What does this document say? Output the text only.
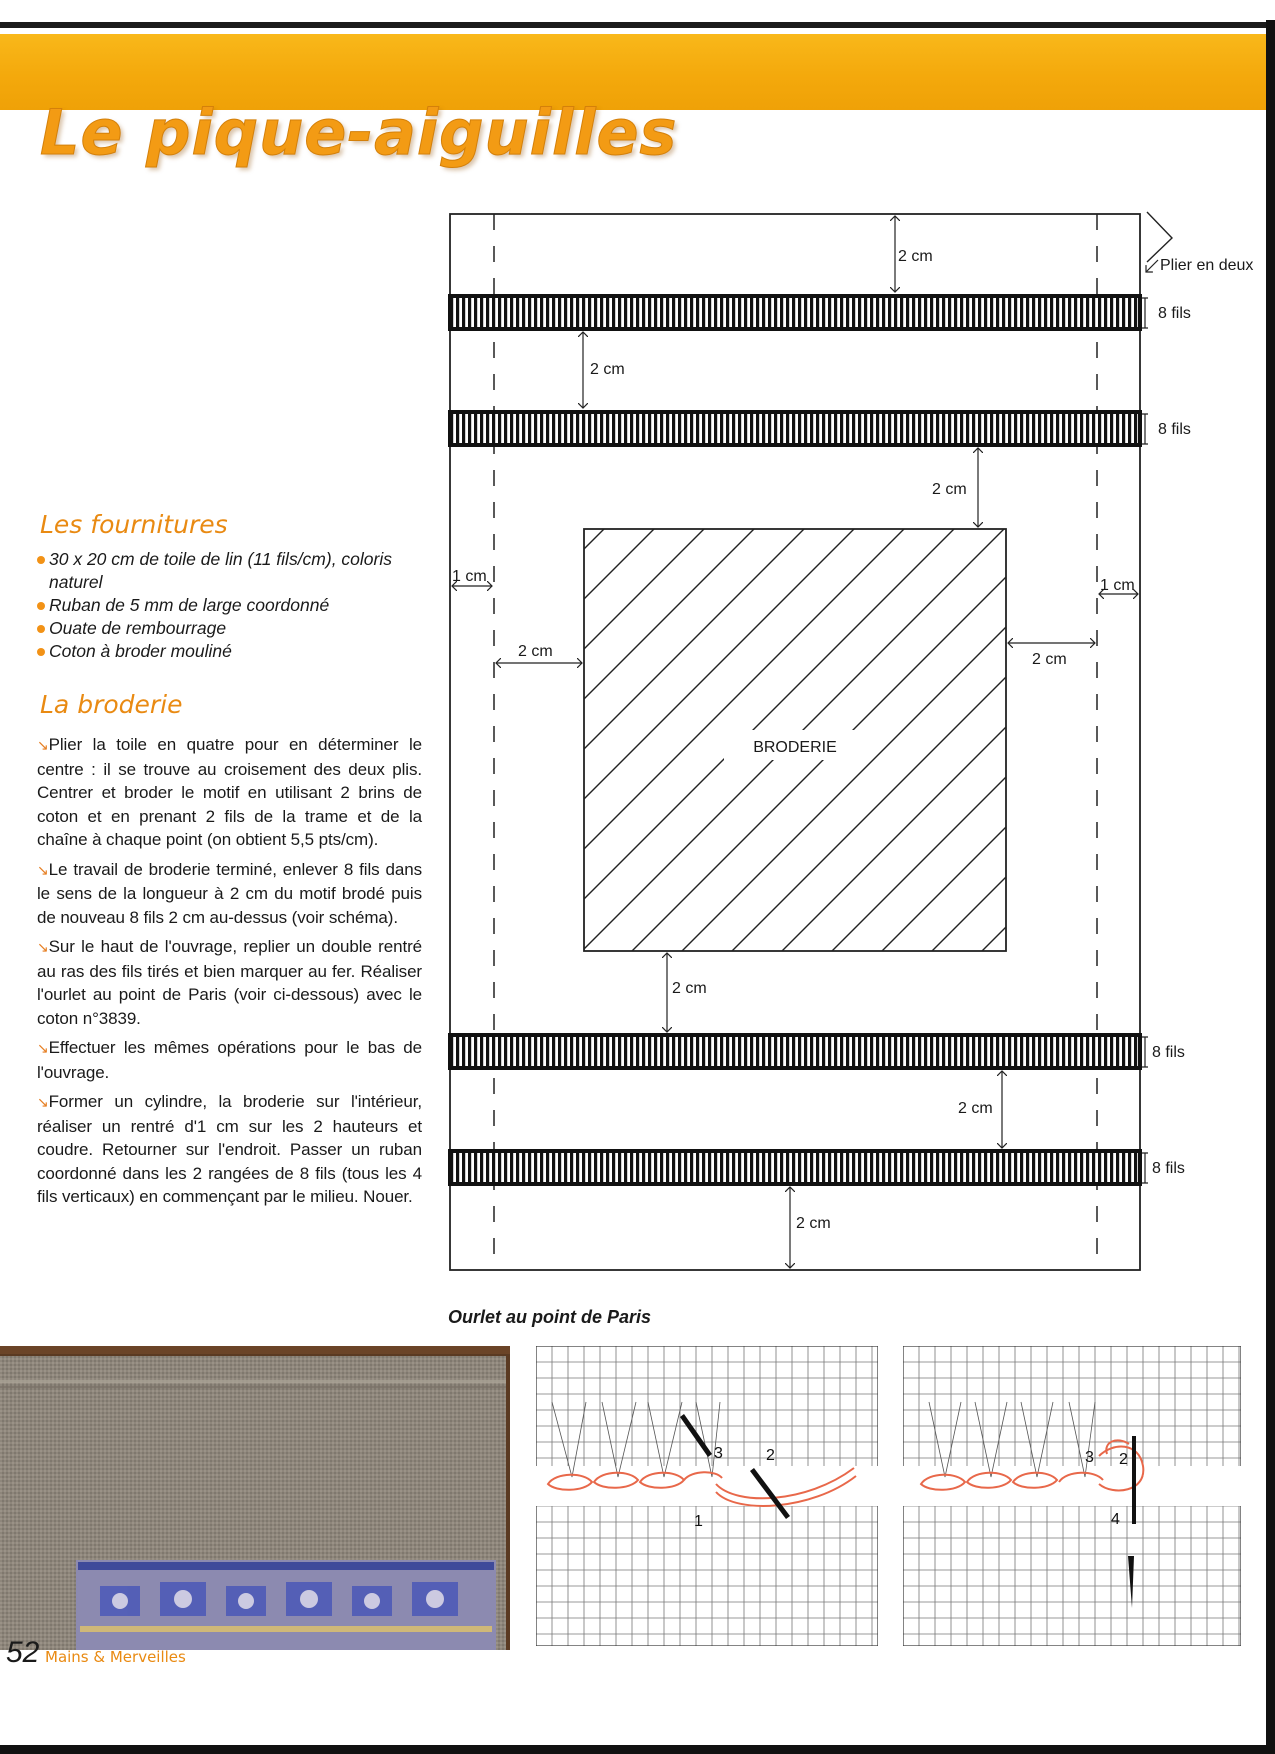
Le pique-aiguilles
Les fournitures
30 x 20 cm de toile de lin (11 fils/cm), coloris naturel
Ruban de 5 mm de large coordonné
Ouate de rembourrage
Coton à broder mouliné
La broderie

↘Plier la toile en quatre pour en déterminer le centre : il se trouve au croisement des deux plis. Centrer et broder le motif en utilisant 2 brins de coton et en prenant 2 fils de la trame et de la chaîne à chaque point (on obtient 5,5 pts/cm).

↘Le travail de broderie terminé, enlever 8 fils dans le sens de la longueur à 2 cm du motif brodé puis de nouveau 8 fils 2 cm au-dessus (voir schéma).

↘Sur le haut de l'ouvrage, replier un double rentré au ras des fils tirés et bien marquer au fer. Réaliser l'ourlet au point de Paris (voir ci-dessous) avec le coton n°3839.

↘Effectuer les mêmes opérations pour le bas de l'ouvrage.

↘Former un cylindre, la broderie sur l'intérieur, réaliser un rentré d'1 cm sur les 2 hauteurs et coudre. Retourner sur l'endroit. Passer un ruban coordonné dans les 2 rangées de 8 fils (tous les 4 fils verticaux) en commençant par le milieu. Nouer.

BRODERIE
2 cm
2 cm
2 cm
2 cm	2 cm
2 cm
2 cm
2 cm
1 cm
1 cm
8 fils
8 fils
8 fils
8 fils
Plier en deux
Ourlet au point de Paris
3	2
1
3 2
4
52 Mains & Merveilles
